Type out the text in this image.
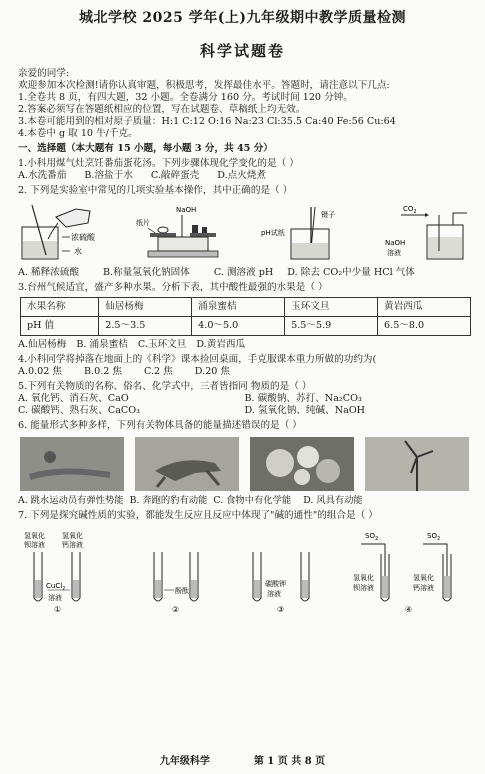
城北学校 2025 学年(上)九年级期中教学质量检测
科学试题卷

亲爱的同学:

欢迎参加本次检测!请你认真审题，积极思考，发挥最佳水平。答题时，请注意以下几点:

1.全卷共 8 页，有四大题，32 小题。全卷满分 160 分。考试时间 120 分钟。

2.答案必须写在答题纸相应的位置，写在试题卷、草稿纸上均无效。

3.本卷可能用到的相对原子质量：H:1 C:12 O:16 Na:23 Cl:35.5 Ca:40 Fe:56 Cu:64

4.本卷中 g 取 10 牛/千克。

一、选择题（本大题有 15 小题，每小题 3 分，共 45 分）

1.小科用煤气灶烹饪番茄蛋花汤。下列步骤体现化学变化的是（ ）

A.水洗番茄 B.溶盐于水 C.敲碎蛋壳 D.点火烧煮

2. 下列是实验室中常见的几项实验基本操作，其中正确的是（ ）

浓硫酸
水
NaOH
纸片
镊子
pH试纸
$CO_2$
NaOH
溶液
A. 稀释浓硫酸	B.称量氢氧化钠固体	C. 测溶液 pH D. 除去 CO₂中少量 HCl 气体

3.台州气候适宜，盛产多种水果。分析下表，其中酸性最强的水果是（ ）

水果名称	仙居杨梅	涌泉蜜桔	玉环文旦	黄岩西瓜
pH 值	2.5～3.5	4.0～5.0	5.5～5.9	6.5～8.0
A.仙居杨梅 B. 涌泉蜜桔 C.玉环文旦 D.黄岩西瓜

4.小科同学将掉落在地面上的《科学》课本捡回桌面，手克服课本重力所做的功约为(

A.0.02 焦 B.0.2 焦 C.2 焦 D.20 焦

5.下列有关物质的名称、俗名、化学式中，三者皆指同 物质的是（ ）

A. 氧化钙、消石灰、CaO	B. 碳酸钠、苏打、Na₂CO₃
C. 碳酸钙、熟石灰、CaCO₃	D. 氢氧化钠、纯碱、NaOH

6. 能量形式多种多样，下列有关物体具备的能量描述错误的是（ ）

A. 跳水运动员有弹性势能 B. 奔跑的豹有动能 C. 食物中有化学能 D. 风具有动能

7. 下列是探究碱性质的实验，都能发生反应且反应中体现了"碱的通性"的组合是（ ）

氢氧化
钡溶液
氢氧化
钙溶液
CuCl$_2$
溶液
①
酚酞
②
碳酸钾
溶液
③
$SO_2$	$SO_2$
氢氧化
钡溶液
氢氧化
钙溶液
④
九年级科学	第 1 页 共 8 页
